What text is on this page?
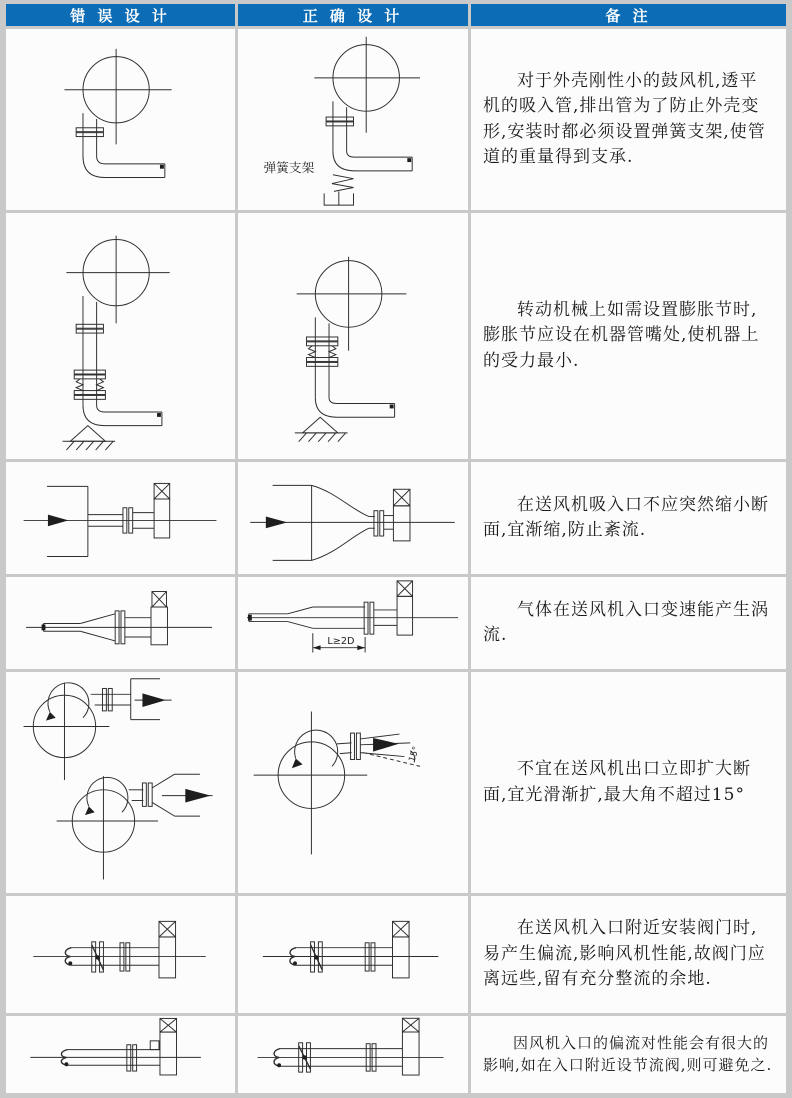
错 误 设 计	正 确 设 计	备 注
弹簧支架

对于外壳刚性小的鼓风机,透平机的吸入管,排出管为了防止外壳变形,安装时都必须设置弹簧支架,使管道的重量得到支承.

转动机械上如需设置膨胀节时,膨胀节应设在机器管嘴处,使机器上的受力最小.

在送风机吸入口不应突然缩小断面,宜渐缩,防止紊流.

L≥2D

气体在送风机入口变速能产生涡流.

15°

不宜在送风机出口立即扩大断面,宜光滑渐扩,最大角不超过15°

在送风机入口附近安装阀门时,易产生偏流,影响风机性能,故阀门应离远些,留有充分整流的余地.

因风机入口的偏流对性能会有很大的影响,如在入口附近设节流阀,则可避免之.
